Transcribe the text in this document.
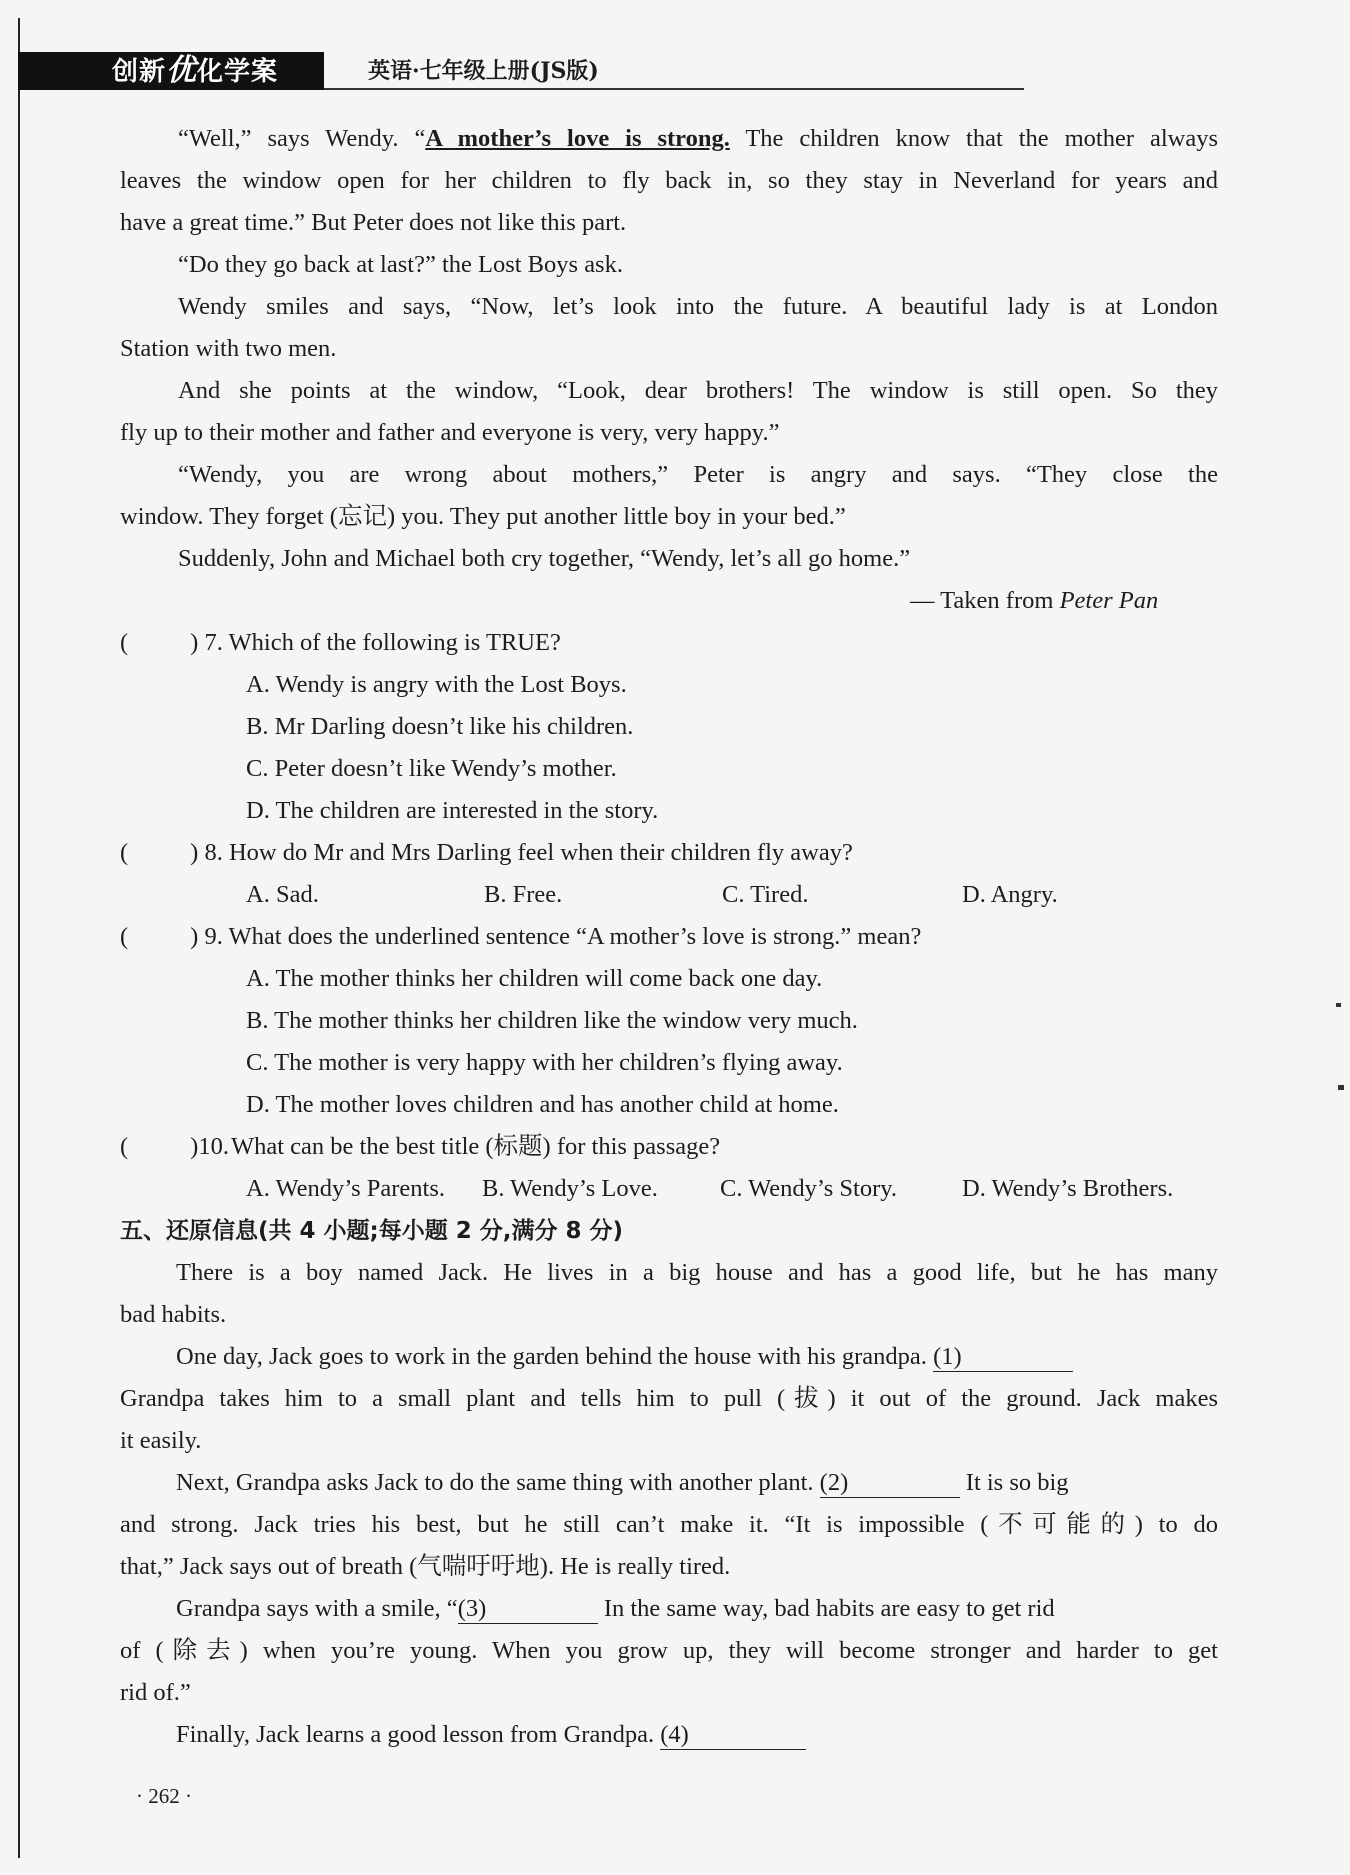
创新优化学案	英语·七年级上册(JS版)
“Well,” says Wendy. “A mother’s love is strong. The children know that the mother always
leaves the window open for her children to fly back in, so they stay in Neverland for years and
have a great time.” But Peter does not like this part.
“Do they go back at last?” the Lost Boys ask.
Wendy smiles and says, “Now, let’s look into the future. A beautiful lady is at London
Station with two men.
And she points at the window, “Look, dear brothers! The window is still open. So they
fly up to their mother and father and everyone is very, very happy.”
“Wendy, you are wrong about mothers,” Peter is angry and says. “They close the
window. They forget (忘记) you. They put another little boy in your bed.”
Suddenly, John and Michael both cry together, “Wendy, let’s all go home.”
— Taken from Peter Pan
(	) 7. Which of the following is TRUE?
A. Wendy is angry with the Lost Boys.
B. Mr Darling doesn’t like his children.
C. Peter doesn’t like Wendy’s mother.
D. The children are interested in the story.
(	) 8. How do Mr and Mrs Darling feel when their children fly away?
A. Sad.	B. Free.	C. Tired.	D. Angry.
(	) 9. What does the underlined sentence “A mother’s love is strong.” mean?
A. The mother thinks her children will come back one day.
B. The mother thinks her children like the window very much.
C. The mother is very happy with her children’s flying away.
D. The mother loves children and has another child at home.
(	)10.What can be the best title (标题) for this passage?
A. Wendy’s Parents. B. Wendy’s Love.	C. Wendy’s Story.	D. Wendy’s Brothers.
五、还原信息(共 4 小题;每小题 2 分,满分 8 分)
There is a boy named Jack. He lives in a big house and has a good life, but he has many
bad habits.
One day, Jack goes to work in the garden behind the house with his grandpa. (1)
Grandpa takes him to a small plant and tells him to pull (拔) it out of the ground. Jack makes
it easily.
Next, Grandpa asks Jack to do the same thing with another plant. (2)	It is so big
and strong. Jack tries his best, but he still can’t make it. “It is impossible (不可能的) to do
that,” Jack says out of breath (气喘吁吁地). He is really tired.
Grandpa says with a smile, “(3)	In the same way, bad habits are easy to get rid
of (除去) when you’re young. When you grow up, they will become stronger and harder to get
rid of.”
Finally, Jack learns a good lesson from Grandpa. (4)
· 262 ·
